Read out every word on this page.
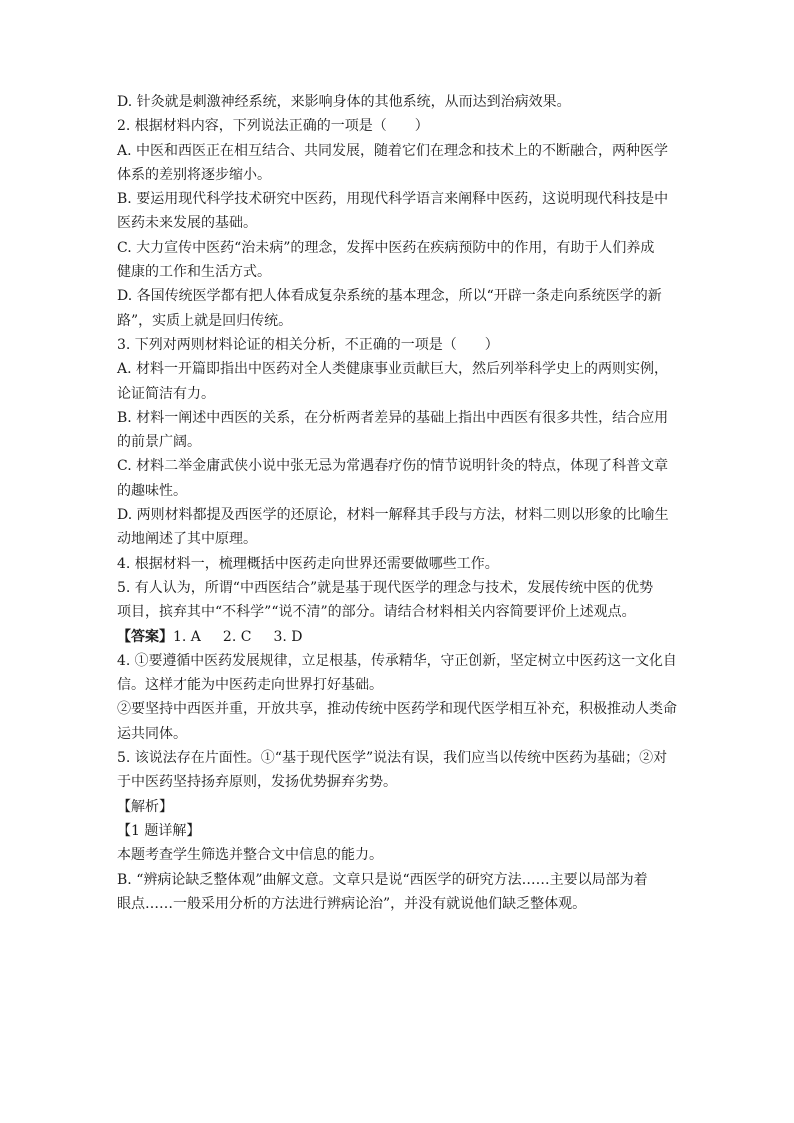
D. 针灸就是刺激神经系统，来影响身体的其他系统，从而达到治病效果。
2. 根据材料内容，下列说法正确的一项是（　　）
A. 中医和西医正在相互结合、共同发展，随着它们在理念和技术上的不断融合，两种医学
体系的差别将逐步缩小。
B. 要运用现代科学技术研究中医药，用现代科学语言来阐释中医药，这说明现代科技是中
医药未来发展的基础。
C. 大力宣传中医药“治未病”的理念，发挥中医药在疾病预防中的作用，有助于人们养成
健康的工作和生活方式。
D. 各国传统医学都有把人体看成复杂系统的基本理念，所以“开辟一条走向系统医学的新
路”，实质上就是回归传统。
3. 下列对两则材料论证的相关分析，不正确的一项是（　　）
A. 材料一开篇即指出中医药对全人类健康事业贡献巨大，然后列举科学史上的两则实例，
论证简洁有力。
B. 材料一阐述中西医的关系，在分析两者差异的基础上指出中西医有很多共性，结合应用
的前景广阔。
C. 材料二举金庸武侠小说中张无忌为常遇春疗伤的情节说明针灸的特点，体现了科普文章
的趣味性。
D. 两则材料都提及西医学的还原论，材料一解释其手段与方法，材料二则以形象的比喻生
动地阐述了其中原理。
4. 根据材料一，梳理概括中医药走向世界还需要做哪些工作。
5. 有人认为，所谓“中西医结合”就是基于现代医学的理念与技术，发展传统中医的优势
项目，摈弃其中“不科学”“说不清”的部分。请结合材料相关内容简要评价上述观点。
【答案】1. A 2. C 3. D
4. ①要遵循中医药发展规律，立足根基，传承精华，守正创新，坚定树立中医药这一文化自
信。这样才能为中医药走向世界打好基础。
②要坚持中西医并重，开放共享，推动传统中医药学和现代医学相互补充，积极推动人类命
运共同体。
5. 该说法存在片面性。①“基于现代医学”说法有误，我们应当以传统中医药为基础；②对
于中医药坚持扬弃原则，发扬优势摒弃劣势。
【解析】
【1 题详解】
本题考查学生筛选并整合文中信息的能力。
B. “辨病论缺乏整体观”曲解文意。文章只是说“西医学的研究方法……主要以局部为着
眼点……一般采用分析的方法进行辨病论治”，并没有就说他们缺乏整体观。
